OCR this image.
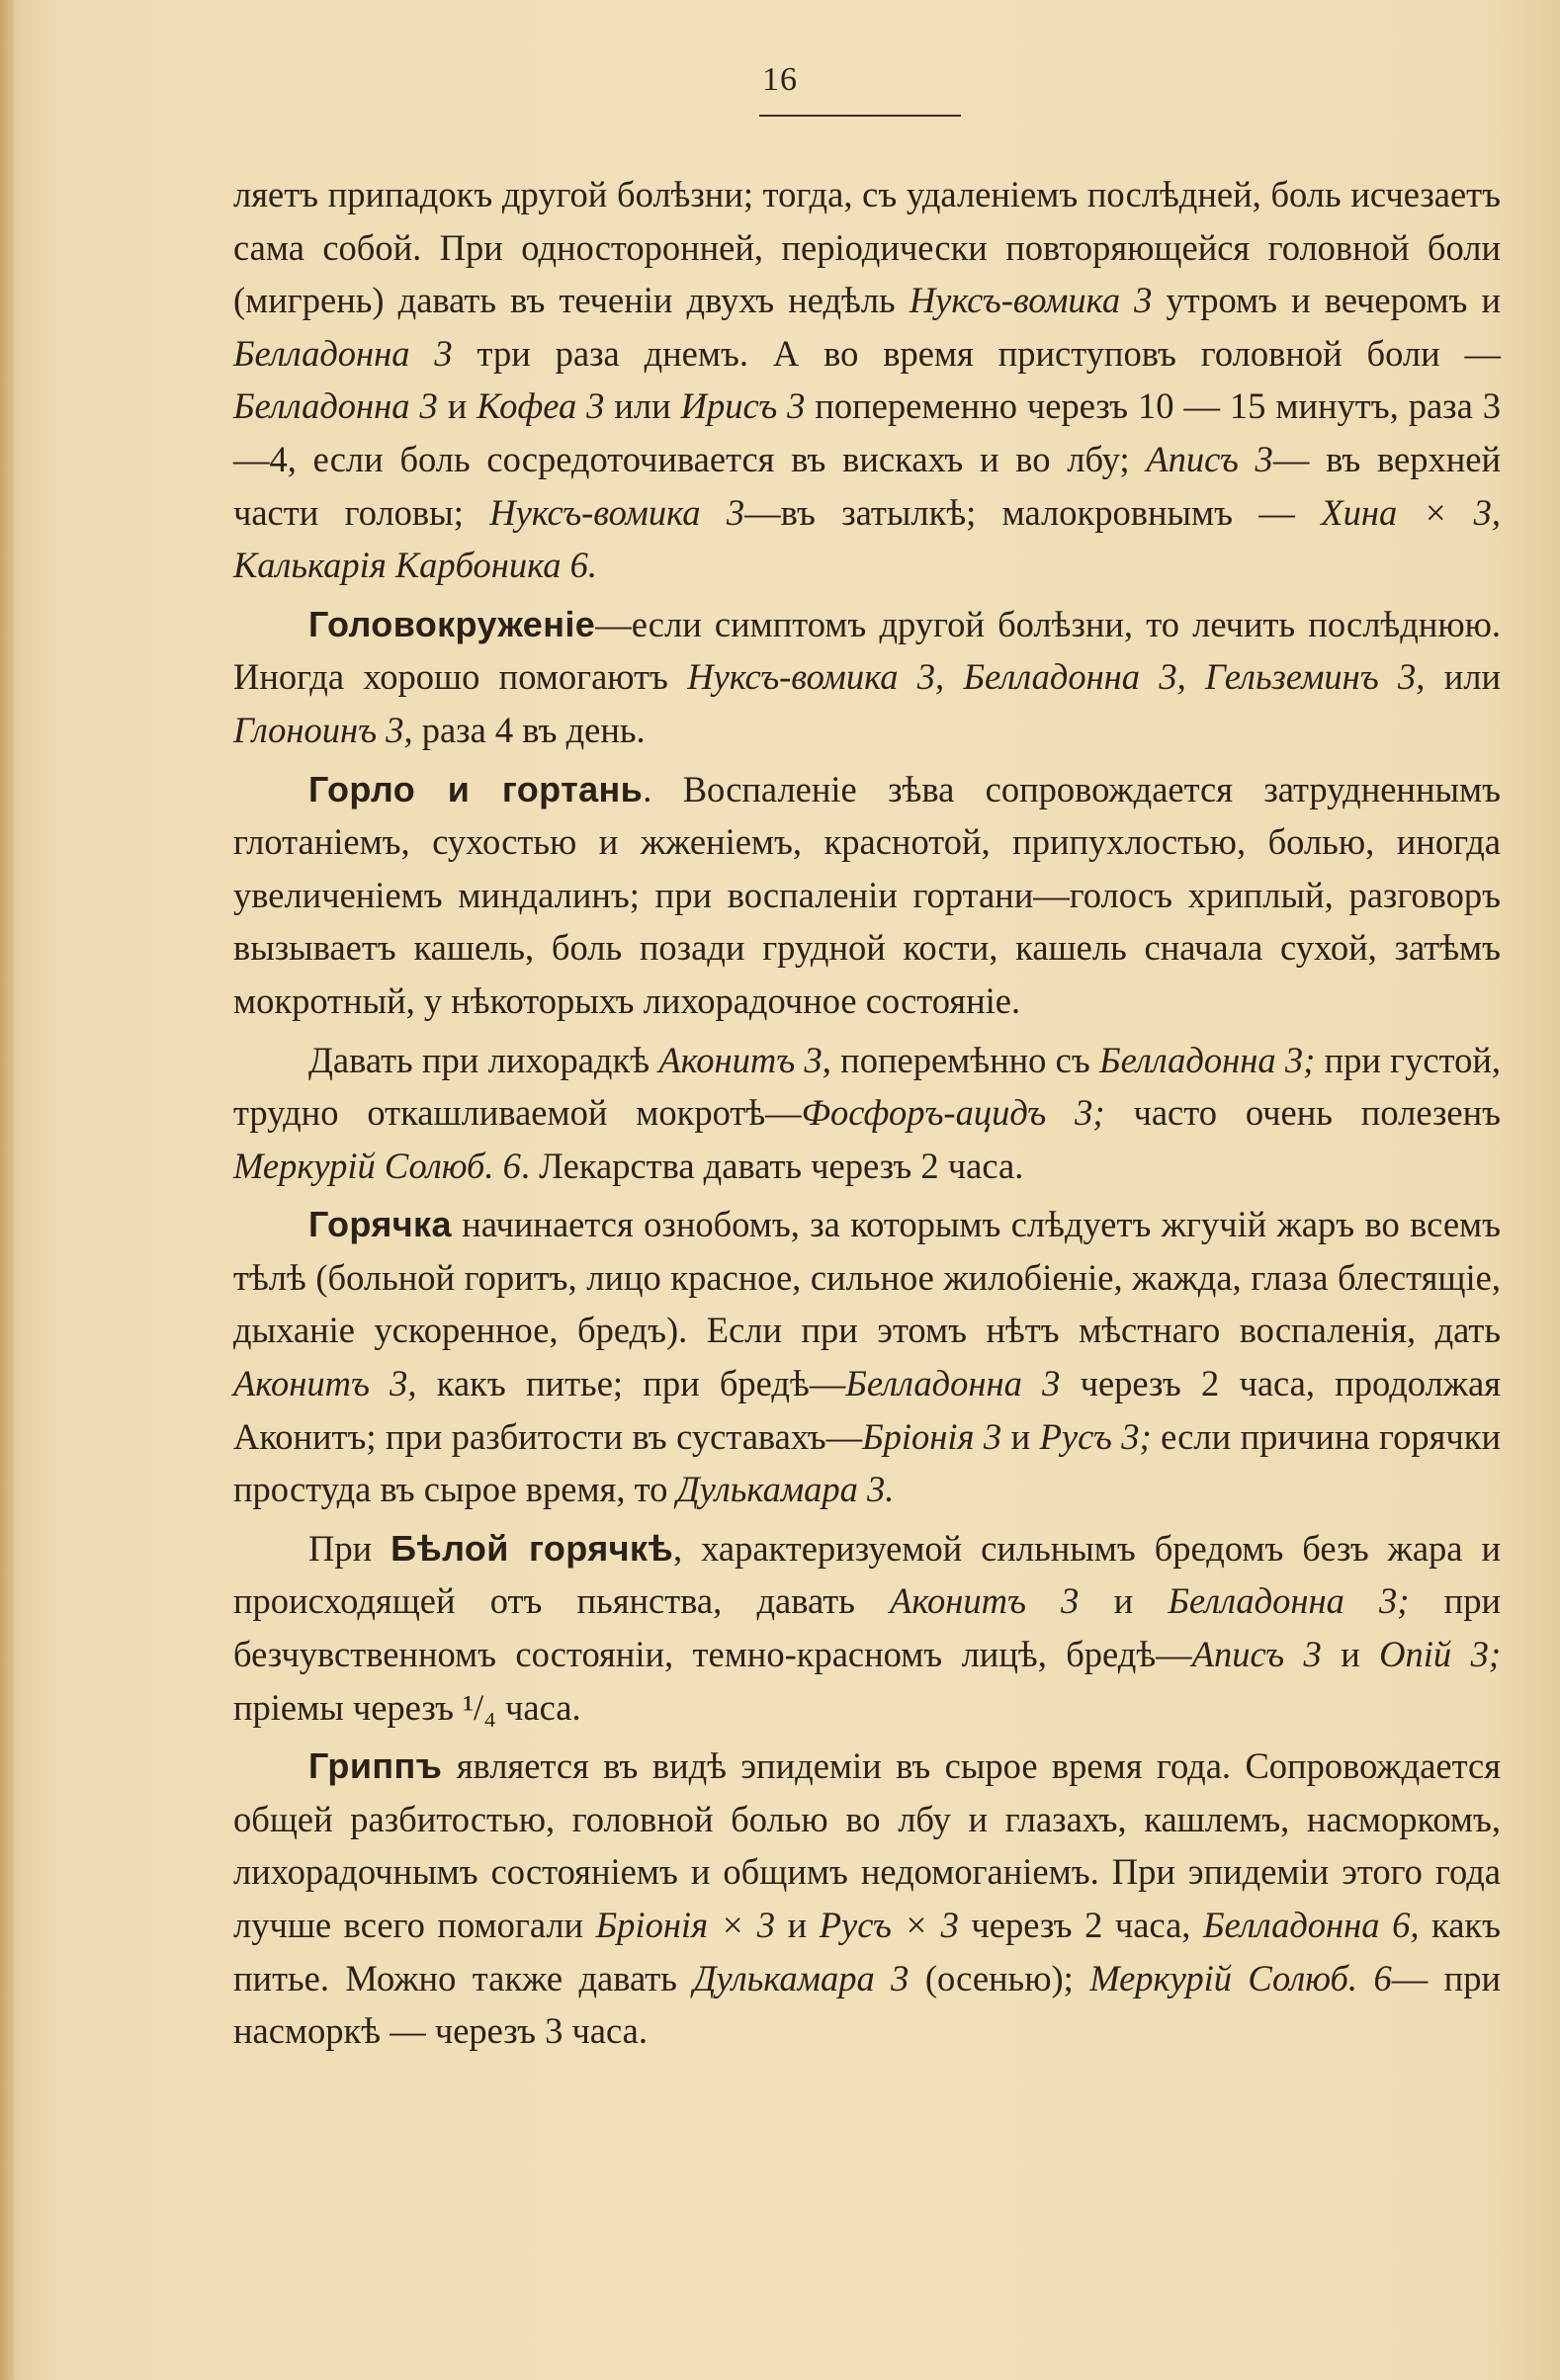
16

ляетъ припадокъ другой болѣзни; тогда, съ удаленіемъ послѣдней, боль исчезаетъ сама собой. При односторонней, періодически повторяющейся головной боли (мигрень) давать въ теченіи двухъ недѣль Нуксъ-вомика 3 утромъ и вечеромъ и Белладонна 3 три раза днемъ. А во время приступовъ головной боли — Белладонна 3 и Кофеа 3 или Ирисъ 3 попеременно черезъ 10 — 15 минутъ, раза 3—4, если боль сосредоточивается въ вискахъ и во лбу; Аписъ 3— въ верхней части головы; Нуксъ-вомика 3—въ затылкѣ; малокровнымъ — Хина × 3, Калькарія Карбоника 6.

Головокруженіе—если симптомъ другой болѣзни, то лечить послѣднюю. Иногда хорошо помогаютъ Нуксъ-вомика 3, Белладонна 3, Гельземинъ 3, или Глоноинъ 3, раза 4 въ день.

Горло и гортань. Воспаленіе зѣва сопровождается затрудненнымъ глотаніемъ, сухостью и жженіемъ, краснотой, припухлостью, болью, иногда увеличеніемъ миндалинъ; при воспаленіи гортани—голосъ хриплый, разговоръ вызываетъ кашель, боль позади грудной кости, кашель сначала сухой, затѣмъ мокротный, у нѣкоторыхъ лихорадочное состояніе.

Давать при лихорадкѣ Аконитъ 3, поперемѣнно съ Белладонна 3; при густой, трудно откашливаемой мокротѣ—Фосфоръ-ацидъ 3; часто очень полезенъ Меркурій Солюб. 6. Лекарства давать черезъ 2 часа.

Горячка начинается ознобомъ, за которымъ слѣдуетъ жгучій жаръ во всемъ тѣлѣ (больной горитъ, лицо красное, сильное жилобіеніе, жажда, глаза блестящіе, дыханіе ускоренное, бредъ). Если при этомъ нѣтъ мѣстнаго воспаленія, дать Аконитъ 3, какъ питье; при бредѣ—Белладонна 3 черезъ 2 часа, продолжая Аконитъ; при разбитости въ суставахъ—Бріонія 3 и Русъ 3; если причина горячки простуда въ сырое время, то Дулькамара 3.

При Бѣлой горячкѣ, характеризуемой сильнымъ бредомъ безъ жара и происходящей отъ пьянства, давать Аконитъ 3 и Белладонна 3; при безчувственномъ состояніи, темно-красномъ лицѣ, бредѣ—Аписъ 3 и Опій 3; пріемы черезъ ¹/₄ часа.

Гриппъ является въ видѣ эпидеміи въ сырое время года. Сопровождается общей разбитостью, головной болью во лбу и глазахъ, кашлемъ, насморкомъ, лихорадочнымъ состояніемъ и общимъ недомоганіемъ. При эпидеміи этого года лучше всего помогали Бріонія × 3 и Русъ × 3 черезъ 2 часа, Белладонна 6, какъ питье. Можно также давать Дулькамара 3 (осенью); Меркурій Солюб. 6— при насморкѣ — черезъ 3 часа.
